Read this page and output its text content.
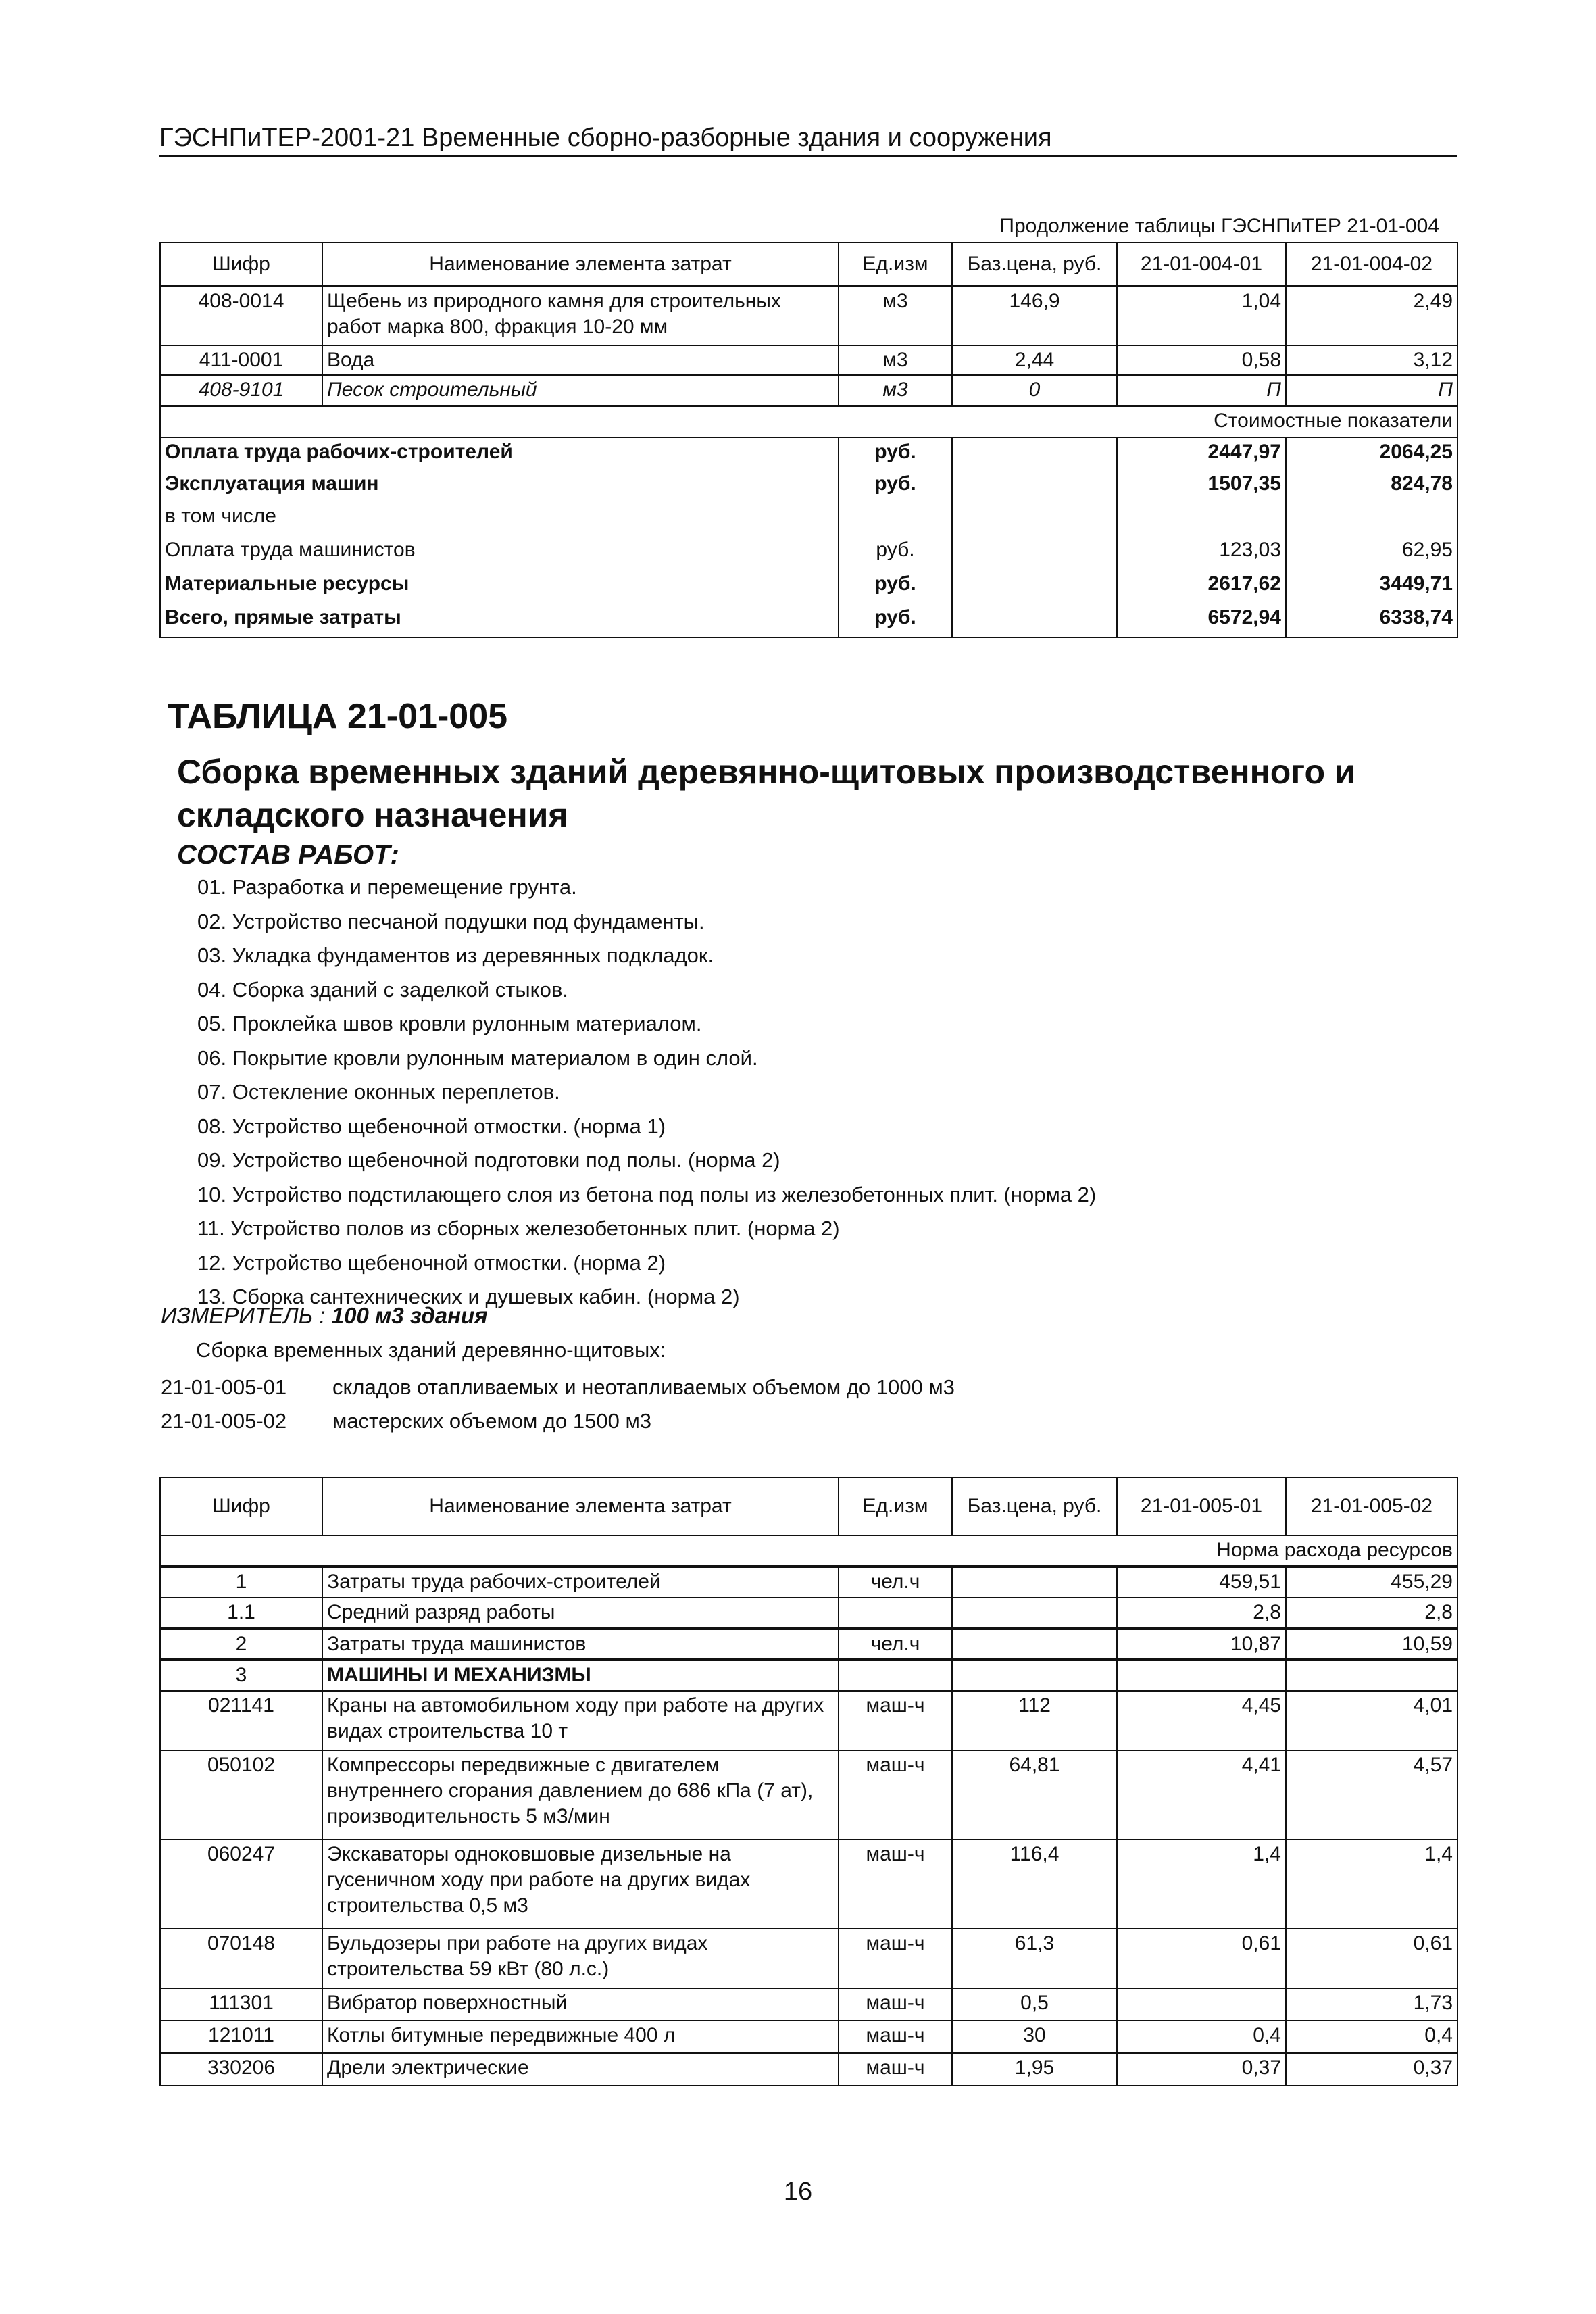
ГЭСНПиТЕР-2001-21 Временные сборно-разборные здания и сооружения
Продолжение таблицы ГЭСНПиТЕР 21-01-004
Шифр	Наименование элемента затрат	Ед.изм	Баз.цена, руб.	21-01-004-01	21-01-004-02
408-0014	Щебень из природного камня для строительных работ марка 800, фракция 10-20 мм	м3	146,9	1,04	2,49
411-0001	Вода	м3	2,44	0,58	3,12
408-9101	Песок строительный	м3	0	П	П
Стоимостные показатели					
Оплата труда рабочих-строителей		руб.		2447,97	2064,25
Эксплуатация машин		руб.		1507,35	824,78
в том числе					
Оплата труда машинистов		руб.		123,03	62,95
Материальные ресурсы		руб.		2617,62	3449,71
Всего, прямые затраты		руб.		6572,94	6338,74
ТАБЛИЦА 21-01-005
Сборка временных зданий деревянно-щитовых производственного и складского назначения
СОСТАВ РАБОТ:
01. Разработка и перемещение грунта.
02. Устройство песчаной подушки под фундаменты.
03. Укладка фундаментов из деревянных подкладок.
04. Сборка зданий с заделкой стыков.
05. Проклейка швов кровли рулонным материалом.
06. Покрытие кровли рулонным материалом в один слой.
07. Остекление оконных переплетов.
08. Устройство щебеночной отмостки. (норма 1)
09. Устройство щебеночной подготовки под полы. (норма 2)
10. Устройство подстилающего слоя из бетона под полы из железобетонных плит. (норма 2)
11. Устройство полов из сборных железобетонных плит. (норма 2)
12. Устройство щебеночной отмостки. (норма 2)
13. Сборка сантехнических и душевых кабин. (норма 2)
ИЗМЕРИТЕЛЬ : 100 м3 здания
Сборка временных зданий деревянно-щитовых:
21-01-005-01 складов отапливаемых и неотапливаемых объемом до 1000 м3
21-01-005-02 мастерских объемом до 1500 м3
Шифр	Наименование элемента затрат	Ед.изм	Баз.цена, руб.	21-01-005-01	21-01-005-02
Норма расхода ресурсов					
1	Затраты труда рабочих-строителей	чел.ч		459,51	455,29
1.1	Средний разряд работы			2,8	2,8
2	Затраты труда машинистов	чел.ч		10,87	10,59
3	МАШИНЫ И МЕХАНИЗМЫ				
021141	Краны на автомобильном ходу при работе на других видах строительства 10 т	маш-ч	112	4,45	4,01
050102	Компрессоры передвижные с двигателем внутреннего сгорания давлением до 686 кПа (7 ат), производительность 5 м3/мин	маш-ч	64,81	4,41	4,57
060247	Экскаваторы одноковшовые дизельные на гусеничном ходу при работе на других видах строительства 0,5 м3	маш-ч	116,4	1,4	1,4
070148	Бульдозеры при работе на других видах строительства 59 кВт (80 л.с.)	маш-ч	61,3	0,61	0,61
111301	Вибратор поверхностный	маш-ч	0,5		1,73
121011	Котлы битумные передвижные 400 л	маш-ч	30	0,4	0,4
330206	Дрели электрические	маш-ч	1,95	0,37	0,37
16
